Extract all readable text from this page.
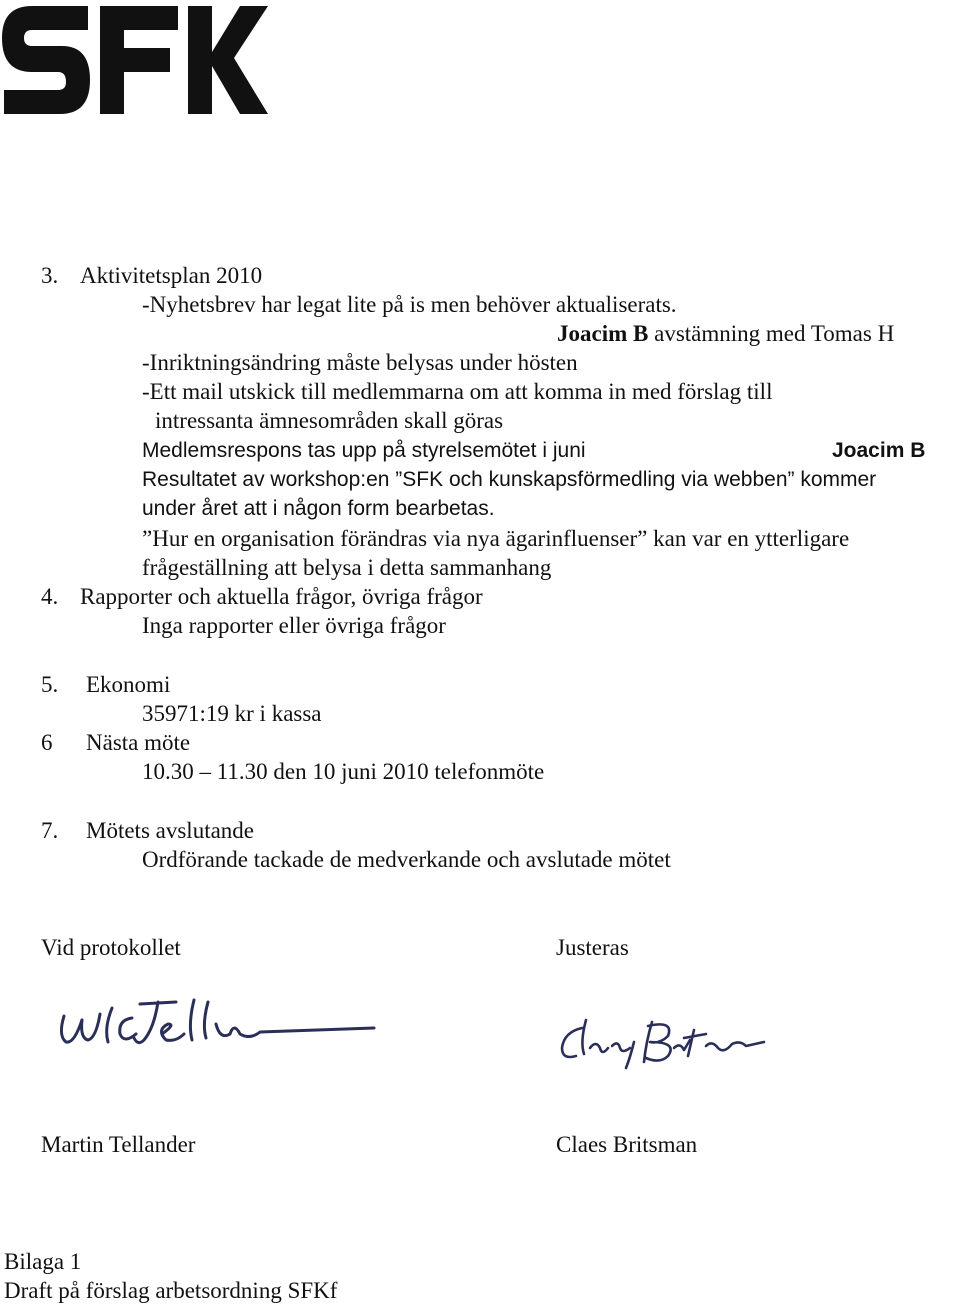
3. Aktivitetsplan 2010
-Nyhetsbrev har legat lite på is men behöver aktualiserats.
Joacim B avstämning med Tomas H
-Inriktningsändring måste belysas under hösten
-Ett mail utskick till medlemmarna om att komma in med förslag till
intressanta ämnesområden skall göras
Medlemsrespons tas upp på styrelsemötet i juni	Joacim B
Resultatet av workshop:en ”SFK och kunskapsförmedling via webben” kommer
under året att i någon form bearbetas.
”Hur en organisation förändras via nya ägarinfluenser” kan var en ytterligare
frågeställning att belysa i detta sammanhang
4. Rapporter och aktuella frågor, övriga frågor
Inga rapporter eller övriga frågor
5. Ekonomi
35971:19 kr i kassa
6 Nästa möte
10.30 – 11.30 den 10 juni 2010 telefonmöte
7. Mötets avslutande
Ordförande tackade de medverkande och avslutade mötet
Vid protokollet	Justeras
Martin Tellander	Claes Britsman
Bilaga 1
Draft på förslag arbetsordning SFKf
